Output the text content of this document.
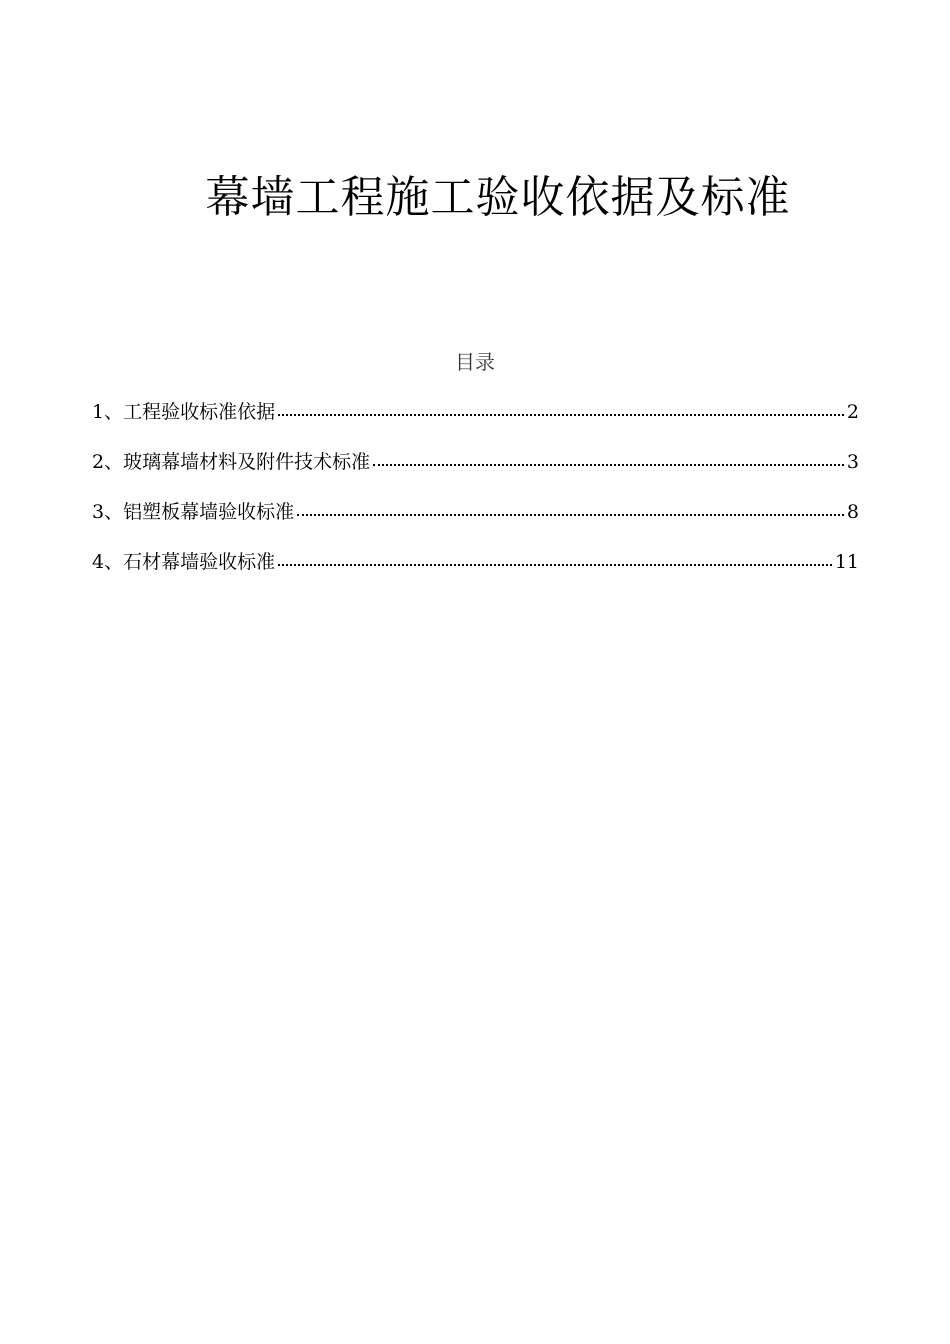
幕墙工程施工验收依据及标准
目录
1、工程验收标准依据	2
2、玻璃幕墙材料及附件技术标准	3
3、铝塑板幕墙验收标准	8
4、石材幕墙验收标准	11
